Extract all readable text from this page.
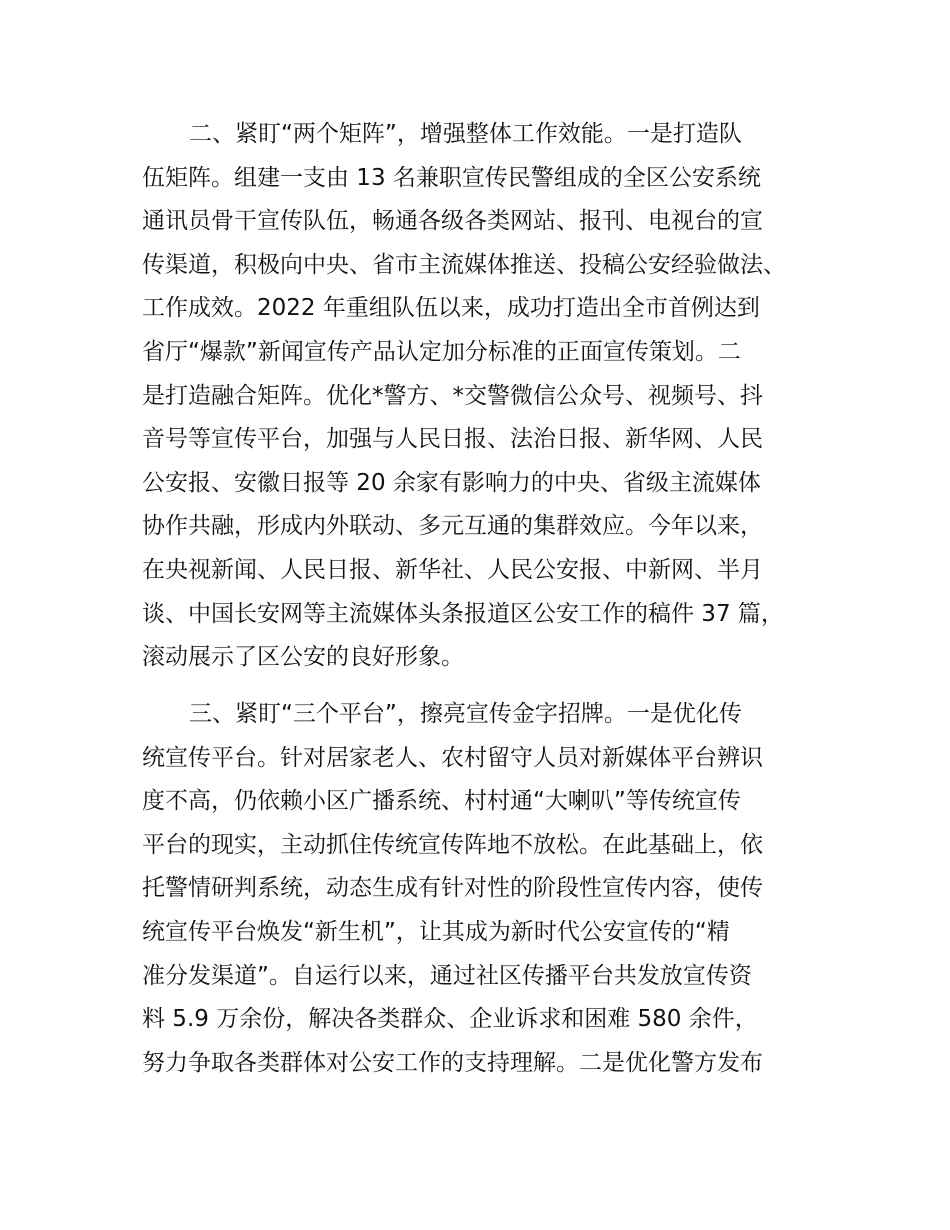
二、紧盯“两个矩阵”，增强整体工作效能。一是打造队
伍矩阵。组建一支由 13 名兼职宣传民警组成的全区公安系统
通讯员骨干宣传队伍，畅通各级各类网站、报刊、电视台的宣
传渠道，积极向中央、省市主流媒体推送、投稿公安经验做法、
工作成效。2022 年重组队伍以来，成功打造出全市首例达到
省厅“爆款”新闻宣传产品认定加分标准的正面宣传策划。二
是打造融合矩阵。优化*警方、*交警微信公众号、视频号、抖
音号等宣传平台，加强与人民日报、法治日报、新华网、人民
公安报、安徽日报等 20 余家有影响力的中央、省级主流媒体
协作共融，形成内外联动、多元互通的集群效应。今年以来，
在央视新闻、人民日报、新华社、人民公安报、中新网、半月
谈、中国长安网等主流媒体头条报道区公安工作的稿件 37 篇，
滚动展示了区公安的良好形象。
三、紧盯“三个平台”，擦亮宣传金字招牌。一是优化传
统宣传平台。针对居家老人、农村留守人员对新媒体平台辨识
度不高，仍依赖小区广播系统、村村通“大喇叭”等传统宣传
平台的现实，主动抓住传统宣传阵地不放松。在此基础上，依
托警情研判系统，动态生成有针对性的阶段性宣传内容，使传
统宣传平台焕发“新生机”，让其成为新时代公安宣传的“精
准分发渠道”。自运行以来，通过社区传播平台共发放宣传资
料 5.9 万余份，解决各类群众、企业诉求和困难 580 余件，
努力争取各类群体对公安工作的支持理解。二是优化警方发布
